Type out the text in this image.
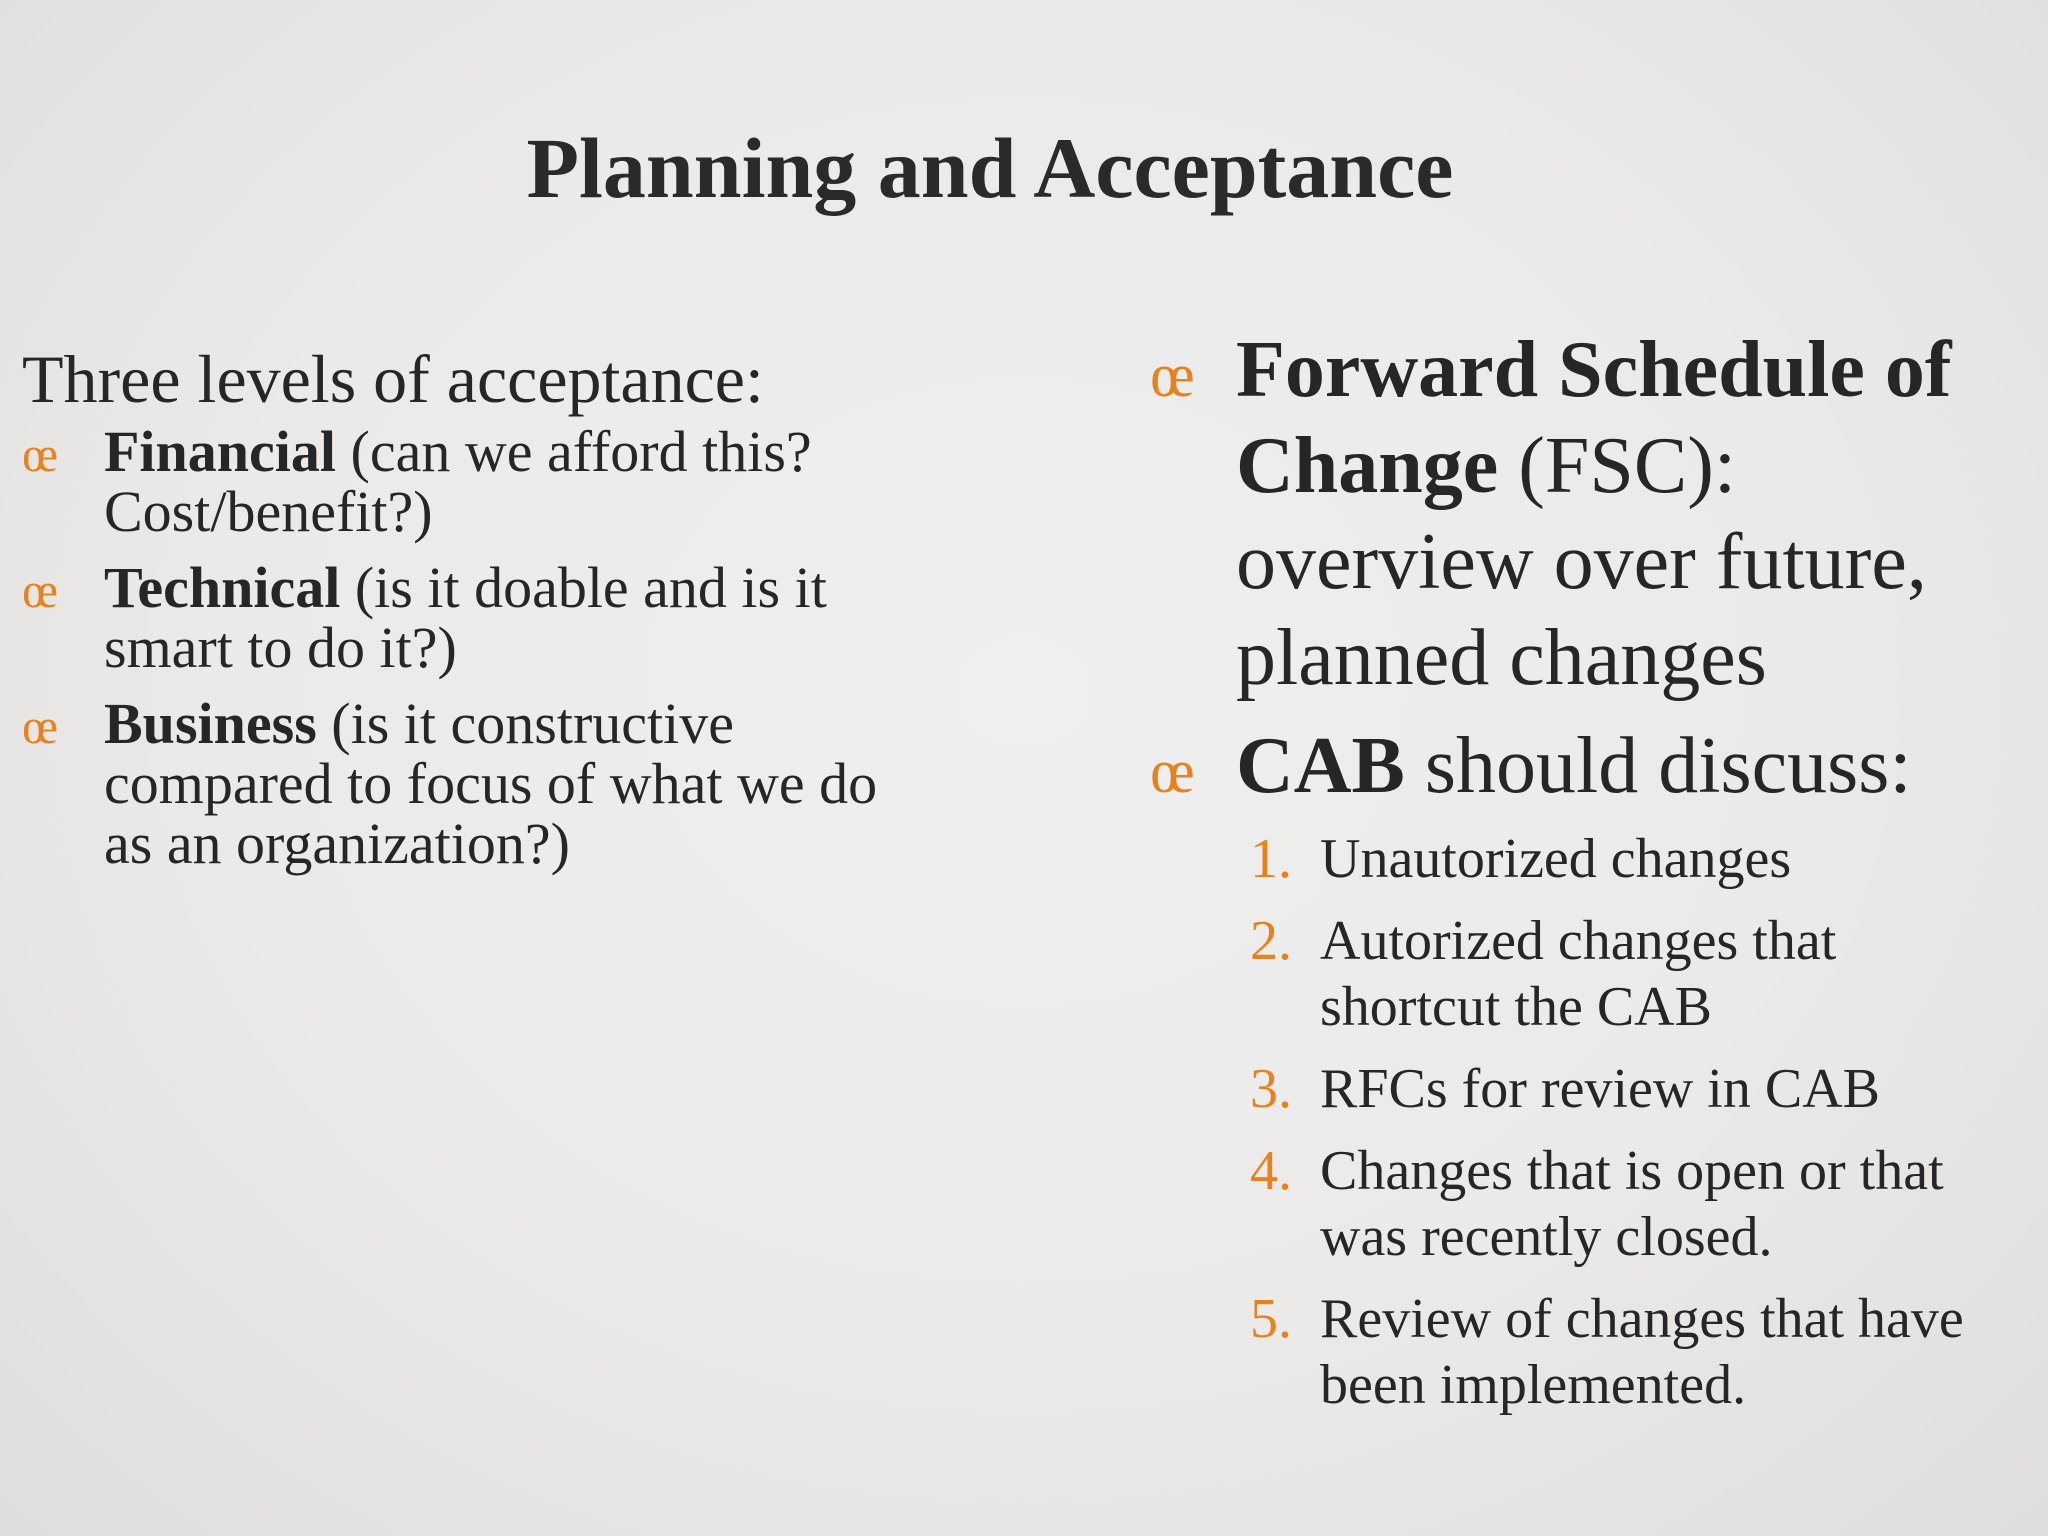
Planning and Acceptance

Three levels of acceptance:

œ Financial (can we afford this? Cost/benefit?)
œ Technical (is it doable and is it smart to do it?)
œ Business (is it constructive compared to focus of what we do as an organization?)

œ Forward Schedule of Change (FSC): overview over future, planned changes

œ CAB should discuss:

1. Unautorized changes
2. Autorized changes that shortcut the CAB
3. RFCs for review in CAB
4. Changes that is open or that was recently closed.
5. Review of changes that have been implemented.
